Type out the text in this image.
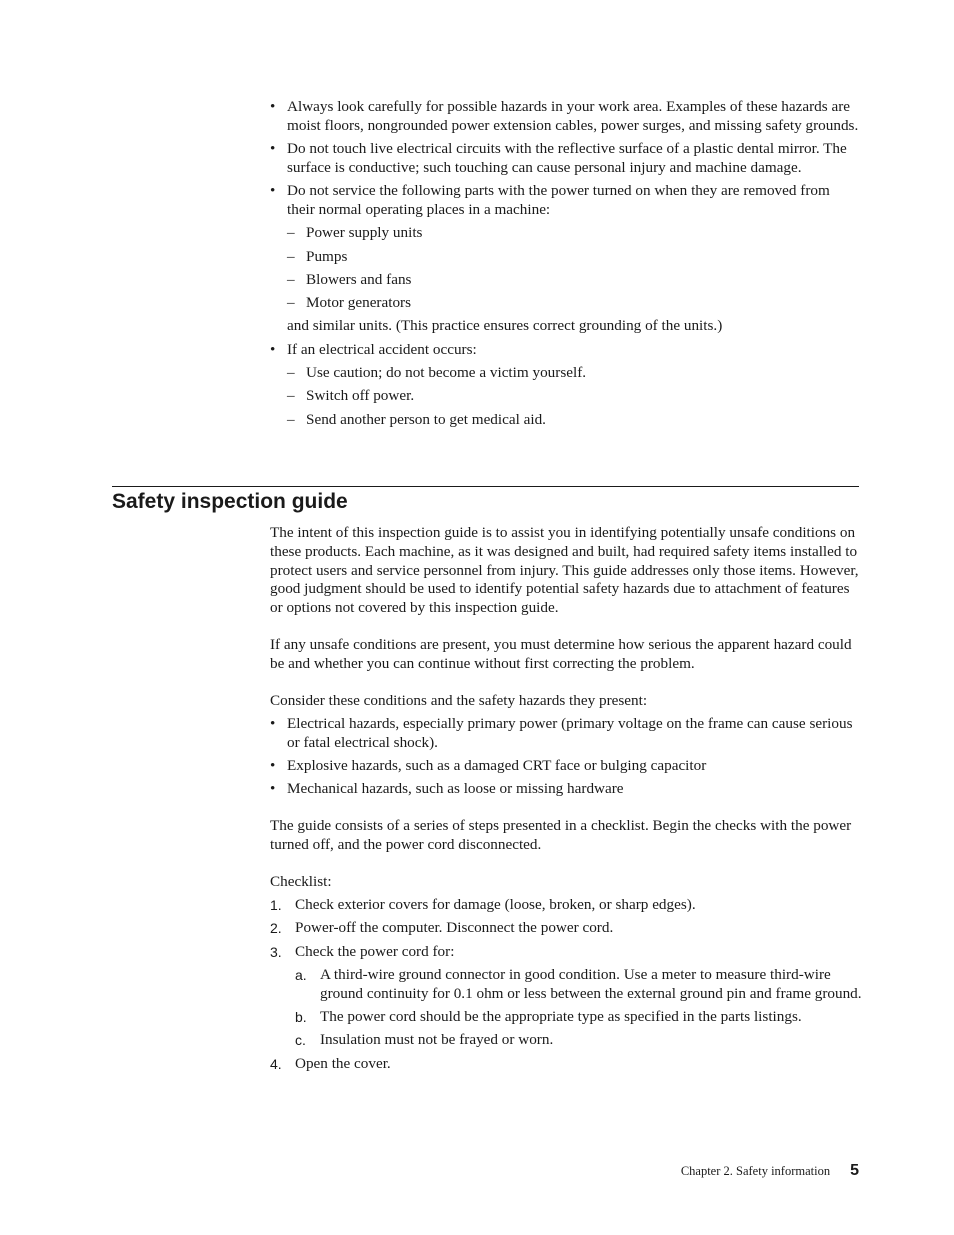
• Always look carefully for possible hazards in your work area. Examples of these hazards are moist floors, nongrounded power extension cables, power surges, and missing safety grounds.
• Do not touch live electrical circuits with the reflective surface of a plastic dental mirror. The surface is conductive; such touching can cause personal injury and machine damage.
• Do not service the following parts with the power turned on when they are removed from their normal operating places in a machine:
– Power supply units
– Pumps
– Blowers and fans
– Motor generators
and similar units. (This practice ensures correct grounding of the units.)
• If an electrical accident occurs:
– Use caution; do not become a victim yourself.
– Switch off power.
– Send another person to get medical aid.
Safety inspection guide

The intent of this inspection guide is to assist you in identifying potentially unsafe conditions on these products. Each machine, as it was designed and built, had required safety items installed to protect users and service personnel from injury. This guide addresses only those items. However, good judgment should be used to identify potential safety hazards due to attachment of features or options not covered by this inspection guide.

If any unsafe conditions are present, you must determine how serious the apparent hazard could be and whether you can continue without first correcting the problem.

Consider these conditions and the safety hazards they present:

• Electrical hazards, especially primary power (primary voltage on the frame can cause serious or fatal electrical shock).
• Explosive hazards, such as a damaged CRT face or bulging capacitor
• Mechanical hazards, such as loose or missing hardware

The guide consists of a series of steps presented in a checklist. Begin the checks with the power turned off, and the power cord disconnected.

Checklist:

1. Check exterior covers for damage (loose, broken, or sharp edges).
2. Power-off the computer. Disconnect the power cord.
3. Check the power cord for:
a. A third-wire ground connector in good condition. Use a meter to measure third-wire ground continuity for 0.1 ohm or less between the external ground pin and frame ground.
b. The power cord should be the appropriate type as specified in the parts listings.
c. Insulation must not be frayed or worn.
4. Open the cover.
Chapter 2. Safety information 5
